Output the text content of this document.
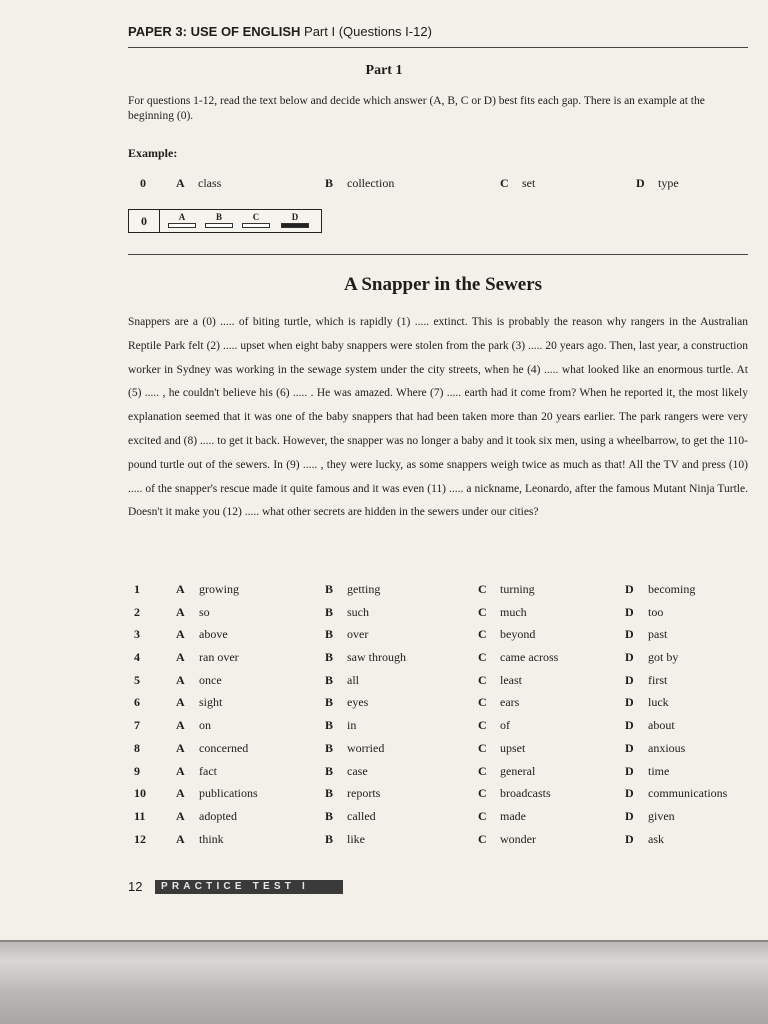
PAPER 3: USE OF ENGLISH Part I (Questions I-12)
Part 1
For questions 1-12, read the text below and decide which answer (A, B, C or D) best fits each gap. There is an example at the beginning (0).
Example:
0	A class	B collection	C set	D type
0	A	B	C	D
A Snapper in the Sewers
Snappers are a (0) ..... of biting turtle, which is rapidly (1) ..... extinct. This is probably the reason why rangers in the Australian Reptile Park felt (2) ..... upset when eight baby snappers were stolen from the park (3) ..... 20 years ago. Then, last year, a construction worker in Sydney was working in the sewage system under the city streets, when he (4) ..... what looked like an enormous turtle. At (5) ..... , he couldn't believe his (6) ..... . He was amazed. Where (7) ..... earth had it come from? When he reported it, the most likely explanation seemed that it was one of the baby snappers that had been taken more than 20 years earlier. The park rangers were very excited and (8) ..... to get it back. However, the snapper was no longer a baby and it took six men, using a wheelbarrow, to get the 110-pound turtle out of the sewers. In (9) ..... , they were lucky, as some snappers weigh twice as much as that! All the TV and press (10) ..... of the snapper's rescue made it quite famous and it was even (11) ..... a nickname, Leonardo, after the famous Mutant Ninja Turtle. Doesn't it make you (12) ..... what other secrets are hidden in the sewers under our cities?
1	A growing	B getting	C turning	D becoming
2	A so	B such	C much	D too
3	A above	B over	C beyond	D past
4	A ran over	B saw through	C came across	D got by
5	A once	B all	C least	D first
6	A sight	B eyes	C ears	D luck
7	A on	B in	C of	D about
8	A concerned	B worried	C upset	D anxious
9	A fact	B case	C general	D time
10	A publications	B reports	C broadcasts	D communications
11	A adopted	B called	C made	D given
12	A think	B like	C wonder	D ask
12	PRACTICE TEST I
